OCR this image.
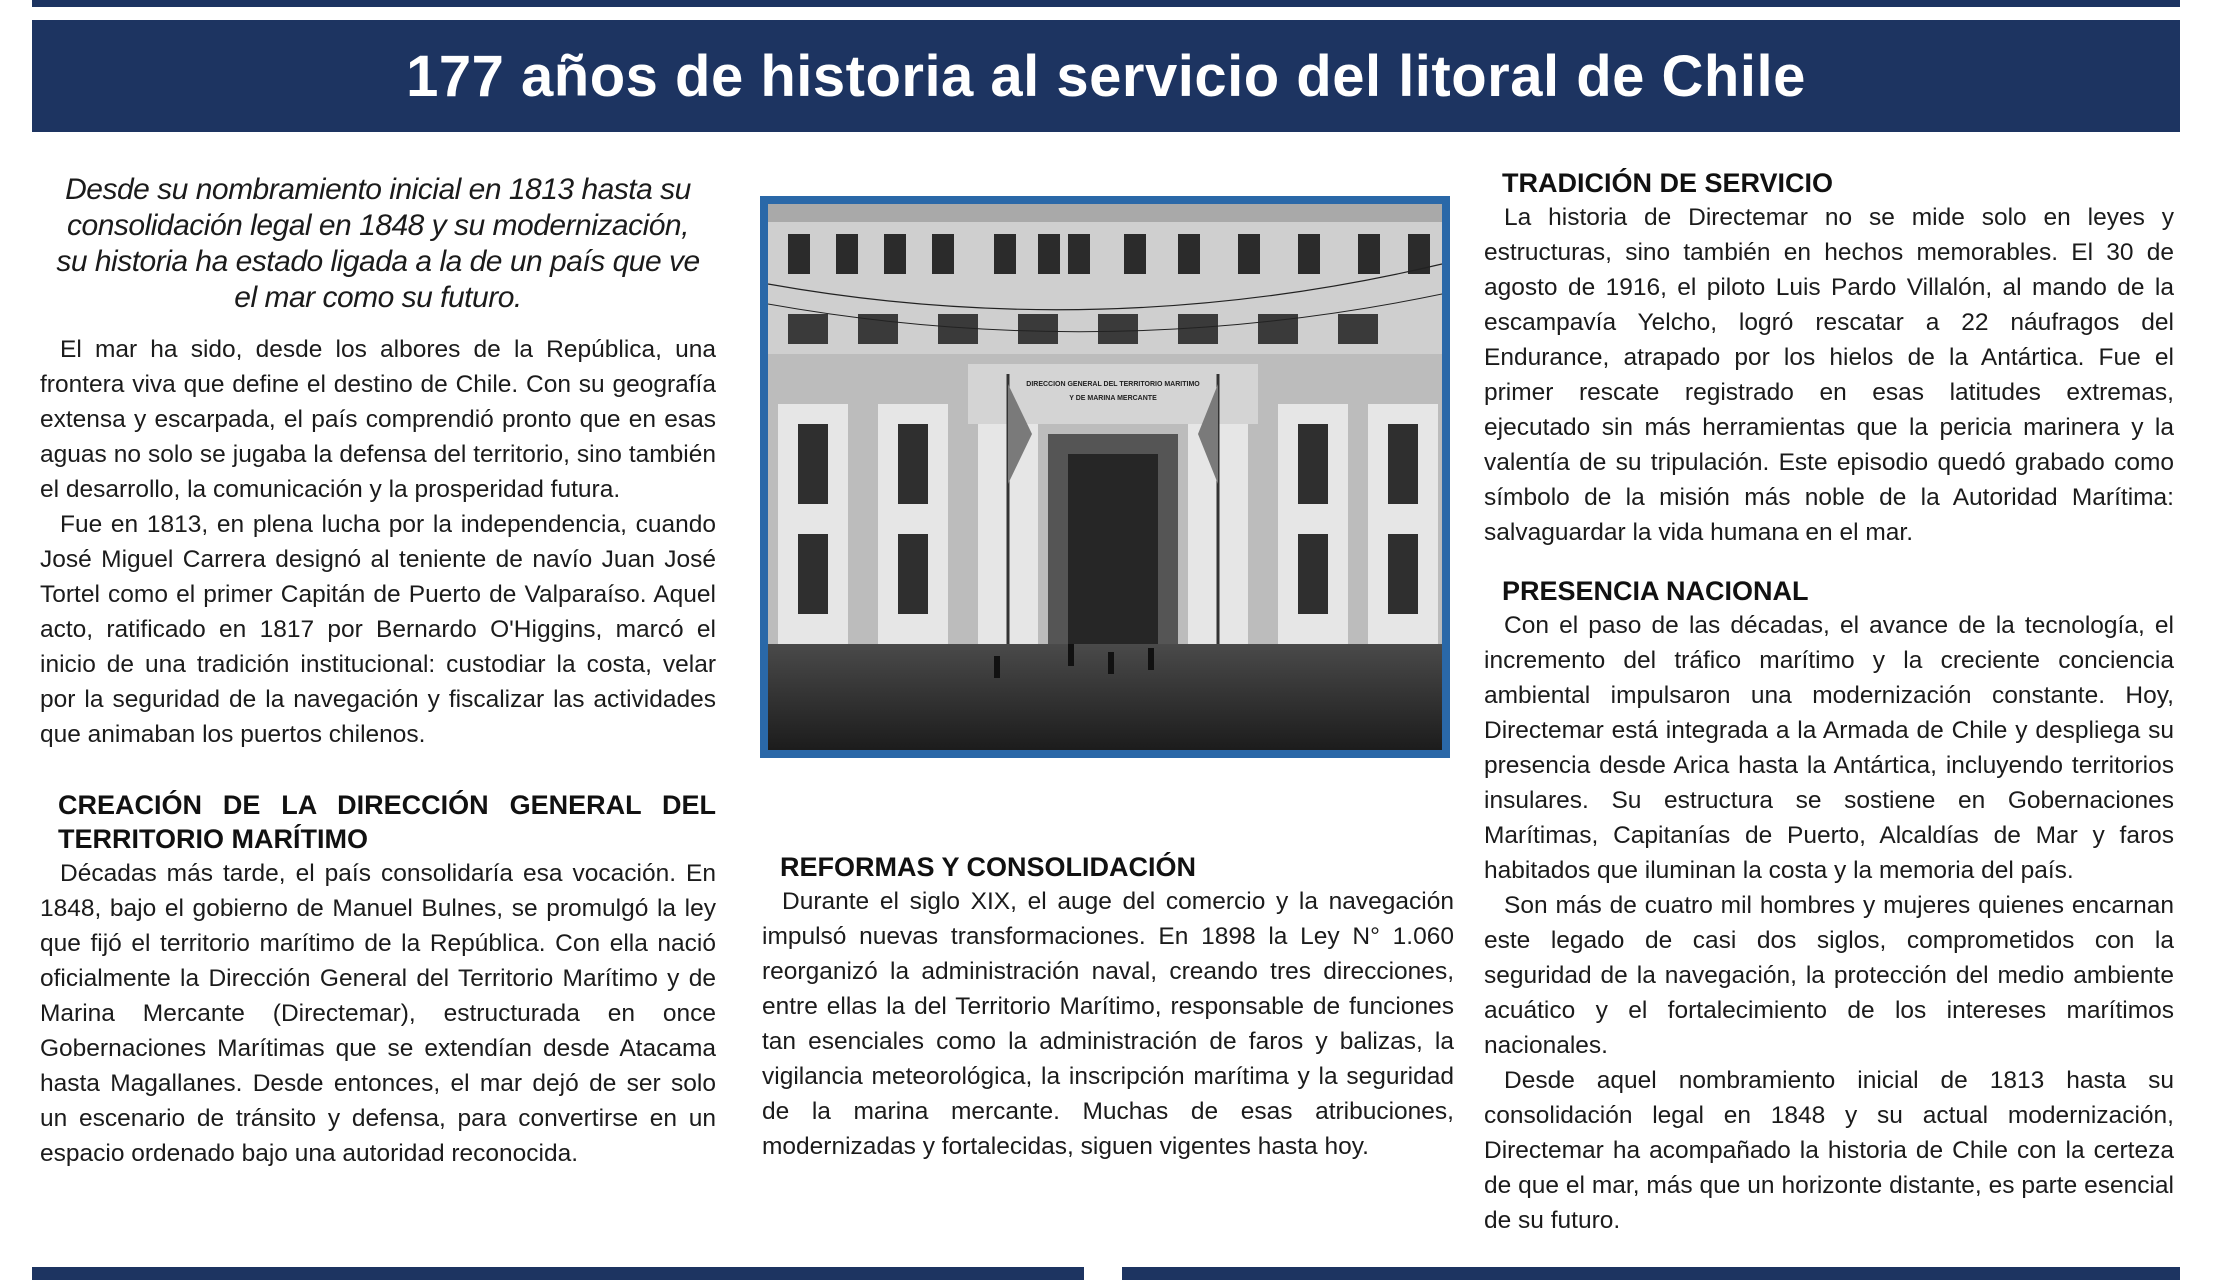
177 años de historia al servicio del litoral de Chile
Desde su nombramiento inicial en 1813 hasta su consolidación legal en 1848 y su modernización, su historia ha estado ligada a la de un país que ve el mar como su futuro.

El mar ha sido, desde los albores de la República, una frontera viva que define el destino de Chile. Con su geografía extensa y escarpada, el país comprendió pronto que en esas aguas no solo se jugaba la defensa del territorio, sino también el desarrollo, la comunicación y la prosperidad futura.

Fue en 1813, en plena lucha por la independencia, cuando José Miguel Carrera designó al teniente de navío Juan José Tortel como el primer Capitán de Puerto de Valparaíso. Aquel acto, ratificado en 1817 por Bernardo O'Higgins, marcó el inicio de una tradición institucional: custodiar la costa, velar por la seguridad de la navegación y fiscalizar las actividades que animaban los puertos chilenos.

CREACIÓN DE LA DIRECCIÓN GENERAL DEL TERRITORIO MARÍTIMO

Décadas más tarde, el país consolidaría esa vocación. En 1848, bajo el gobierno de Manuel Bulnes, se promulgó la ley que fijó el territorio marítimo de la República. Con ella nació oficialmente la Dirección General del Territorio Marítimo y de Marina Mercante (Directemar), estructurada en once Gobernaciones Marítimas que se extendían desde Atacama hasta Magallanes. Desde entonces, el mar dejó de ser solo un escenario de tránsito y defensa, para convertirse en un espacio ordenado bajo una autoridad reconocida.

DIRECCION GENERAL DEL TERRITORIO MARITIMO
Y DE MARINA MERCANTE
REFORMAS Y CONSOLIDACIÓN

Durante el siglo XIX, el auge del comercio y la navegación impulsó nuevas transformaciones. En 1898 la Ley N° 1.060 reorganizó la administración naval, creando tres direcciones, entre ellas la del Territorio Marítimo, responsable de funciones tan esenciales como la administración de faros y balizas, la vigilancia meteorológica, la inscripción marítima y la seguridad de la marina mercante. Muchas de esas atribuciones, modernizadas y fortalecidas, siguen vigentes hasta hoy.

TRADICIÓN DE SERVICIO

La historia de Directemar no se mide solo en leyes y estructuras, sino también en hechos memorables. El 30 de agosto de 1916, el piloto Luis Pardo Villalón, al mando de la escampavía Yelcho, logró rescatar a 22 náufragos del Endurance, atrapado por los hielos de la Antártica. Fue el primer rescate registrado en esas latitudes extremas, ejecutado sin más herramientas que la pericia marinera y la valentía de su tripulación. Este episodio quedó grabado como símbolo de la misión más noble de la Autoridad Marítima: salvaguardar la vida humana en el mar.

PRESENCIA NACIONAL

Con el paso de las décadas, el avance de la tecnología, el incremento del tráfico marítimo y la creciente conciencia ambiental impulsaron una modernización constante. Hoy, Directemar está integrada a la Armada de Chile y despliega su presencia desde Arica hasta la Antártica, incluyendo territorios insulares. Su estructura se sostiene en Gobernaciones Marítimas, Capitanías de Puerto, Alcaldías de Mar y faros habitados que iluminan la costa y la memoria del país.

Son más de cuatro mil hombres y mujeres quienes encarnan este legado de casi dos siglos, comprometidos con la seguridad de la navegación, la protección del medio ambiente acuático y el fortalecimiento de los intereses marítimos nacionales.

Desde aquel nombramiento inicial de 1813 hasta su consolidación legal en 1848 y su actual modernización, Directemar ha acompañado la historia de Chile con la certeza de que el mar, más que un horizonte distante, es parte esencial de su futuro.
